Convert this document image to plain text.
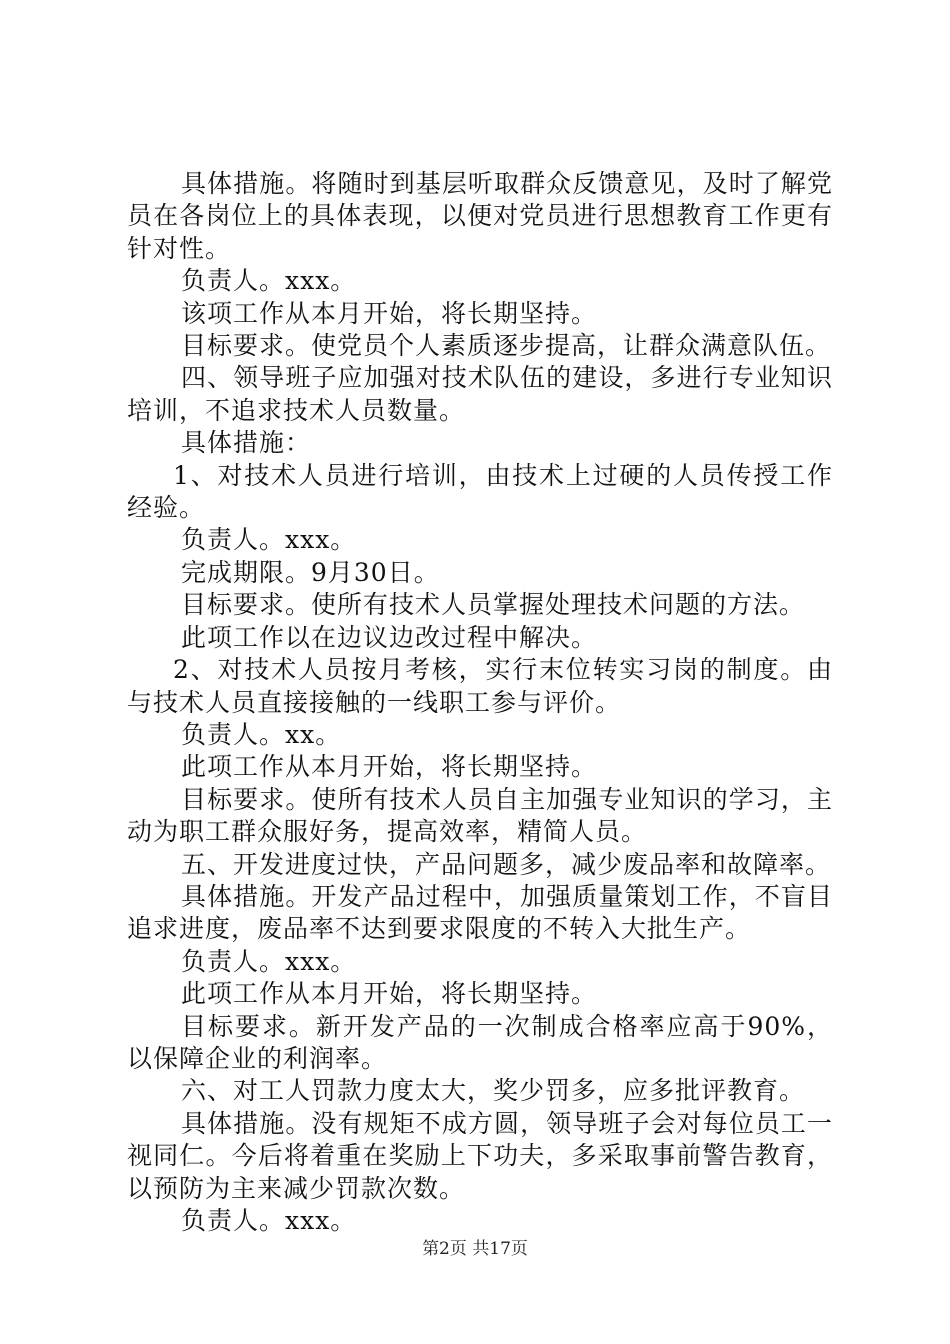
具体措施。将随时到基层听取群众反馈意见，及时了解党员在各岗位上的具体表现，以便对党员进行思想教育工作更有针对性。

负责人。xxx。

该项工作从本月开始，将长期坚持。

目标要求。使党员个人素质逐步提高，让群众满意队伍。

四、领导班子应加强对技术队伍的建设，多进行专业知识培训，不追求技术人员数量。

具体措施：

1、对技术人员进行培训，由技术上过硬的人员传授工作经验。

负责人。xxx。

完成期限。9月30日。

目标要求。使所有技术人员掌握处理技术问题的方法。

此项工作以在边议边改过程中解决。

2、对技术人员按月考核，实行末位转实习岗的制度。由与技术人员直接接触的一线职工参与评价。

负责人。xx。

此项工作从本月开始，将长期坚持。

目标要求。使所有技术人员自主加强专业知识的学习，主动为职工群众服好务，提高效率，精简人员。

五、开发进度过快，产品问题多，减少废品率和故障率。

具体措施。开发产品过程中，加强质量策划工作，不盲目追求进度，废品率不达到要求限度的不转入大批生产。

负责人。xxx。

此项工作从本月开始，将长期坚持。

目标要求。新开发产品的一次制成合格率应高于90%，以保障企业的利润率。

六、对工人罚款力度太大，奖少罚多，应多批评教育。

具体措施。没有规矩不成方圆，领导班子会对每位员工一视同仁。今后将着重在奖励上下功夫，多采取事前警告教育，以预防为主来减少罚款次数。

负责人。xxx。

第2页 共17页
